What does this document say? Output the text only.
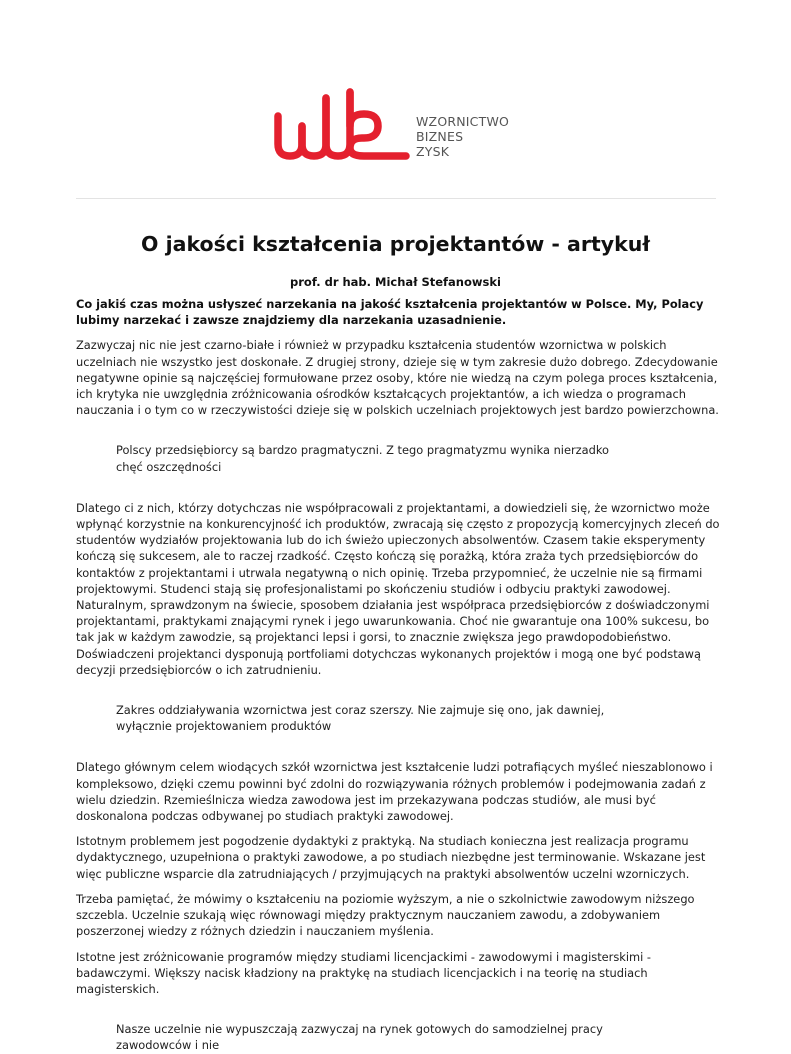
WZORNICTWO
BIZNES
ZYSK
O jakości kształcenia projektantów - artykuł
prof. dr hab. Michał Stefanowski

Co jakiś czas można usłyszeć narzekania na jakość kształcenia projektantów w Polsce. My, Polacy lubimy narzekać i zawsze znajdziemy dla narzekania uzasadnienie.

Zazwyczaj nic nie jest czarno-białe i również w przypadku kształcenia studentów wzornictwa w polskich uczelniach nie wszystko jest doskonałe. Z drugiej strony, dzieje się w tym zakresie dużo dobrego. Zdecydowanie negatywne opinie są najczęściej formułowane przez osoby, które nie wiedzą na czym polega proces kształcenia, ich krytyka nie uwzględnia zróżnicowania ośrodków kształcących projektantów, a ich wiedza o programach nauczania i o tym co w rzeczywistości dzieje się w polskich uczelniach projektowych jest bardzo powierzchowna.

Polscy przedsiębiorcy są bardzo pragmatyczni. Z tego pragmatyzmu wynika nierzadko chęć oszczędności

Dlatego ci z nich, którzy dotychczas nie współpracowali z projektantami, a dowiedzieli się, że wzornictwo może wpłynąć korzystnie na konkurencyjność ich produktów, zwracają się często z propozycją komercyjnych zleceń do studentów wydziałów projektowania lub do ich świeżo upieczonych absolwentów. Czasem takie eksperymenty kończą się sukcesem, ale to raczej rzadkość. Często kończą się porażką, która zraża tych przedsiębiorców do kontaktów z projektantami i utrwala negatywną o nich opinię. Trzeba przypomnieć, że uczelnie nie są firmami projektowymi. Studenci stają się profesjonalistami po skończeniu studiów i odbyciu praktyki zawodowej. Naturalnym, sprawdzonym na świecie, sposobem działania jest współpraca przedsiębiorców z doświadczonymi projektantami, praktykami znającymi rynek i jego uwarunkowania. Choć nie gwarantuje ona 100% sukcesu, bo tak jak w każdym zawodzie, są projektanci lepsi i gorsi, to znacznie zwiększa jego prawdopodobieństwo. Doświadczeni projektanci dysponują portfoliami dotychczas wykonanych projektów i mogą one być podstawą decyzji przedsiębiorców o ich zatrudnieniu.

Zakres oddziaływania wzornictwa jest coraz szerszy. Nie zajmuje się ono, jak dawniej, wyłącznie projektowaniem produktów

Dlatego głównym celem wiodących szkół wzornictwa jest kształcenie ludzi potrafiących myśleć nieszablonowo i kompleksowo, dzięki czemu powinni być zdolni do rozwiązywania różnych problemów i podejmowania zadań z wielu dziedzin. Rzemieślnicza wiedza zawodowa jest im przekazywana podczas studiów, ale musi być doskonalona podczas odbywanej po studiach praktyki zawodowej.

Istotnym problemem jest pogodzenie dydaktyki z praktyką. Na studiach konieczna jest realizacja programu dydaktycznego, uzupełniona o praktyki zawodowe, a po studiach niezbędne jest terminowanie. Wskazane jest więc publiczne wsparcie dla zatrudniających / przyjmujących na praktyki absolwentów uczelni wzorniczych.

Trzeba pamiętać, że mówimy o kształceniu na poziomie wyższym, a nie o szkolnictwie zawodowym niższego szczebla. Uczelnie szukają więc równowagi między praktycznym nauczaniem zawodu, a zdobywaniem poszerzonej wiedzy z różnych dziedzin i nauczaniem myślenia.

Istotne jest zróżnicowanie programów między studiami licencjackimi - zawodowymi i magisterskimi - badawczymi. Większy nacisk kładziony na praktykę na studiach licencjackich i na teorię na studiach magisterskich.

Nasze uczelnie nie wypuszczają zazwyczaj na rynek gotowych do samodzielnej pracy zawodowców i nie
